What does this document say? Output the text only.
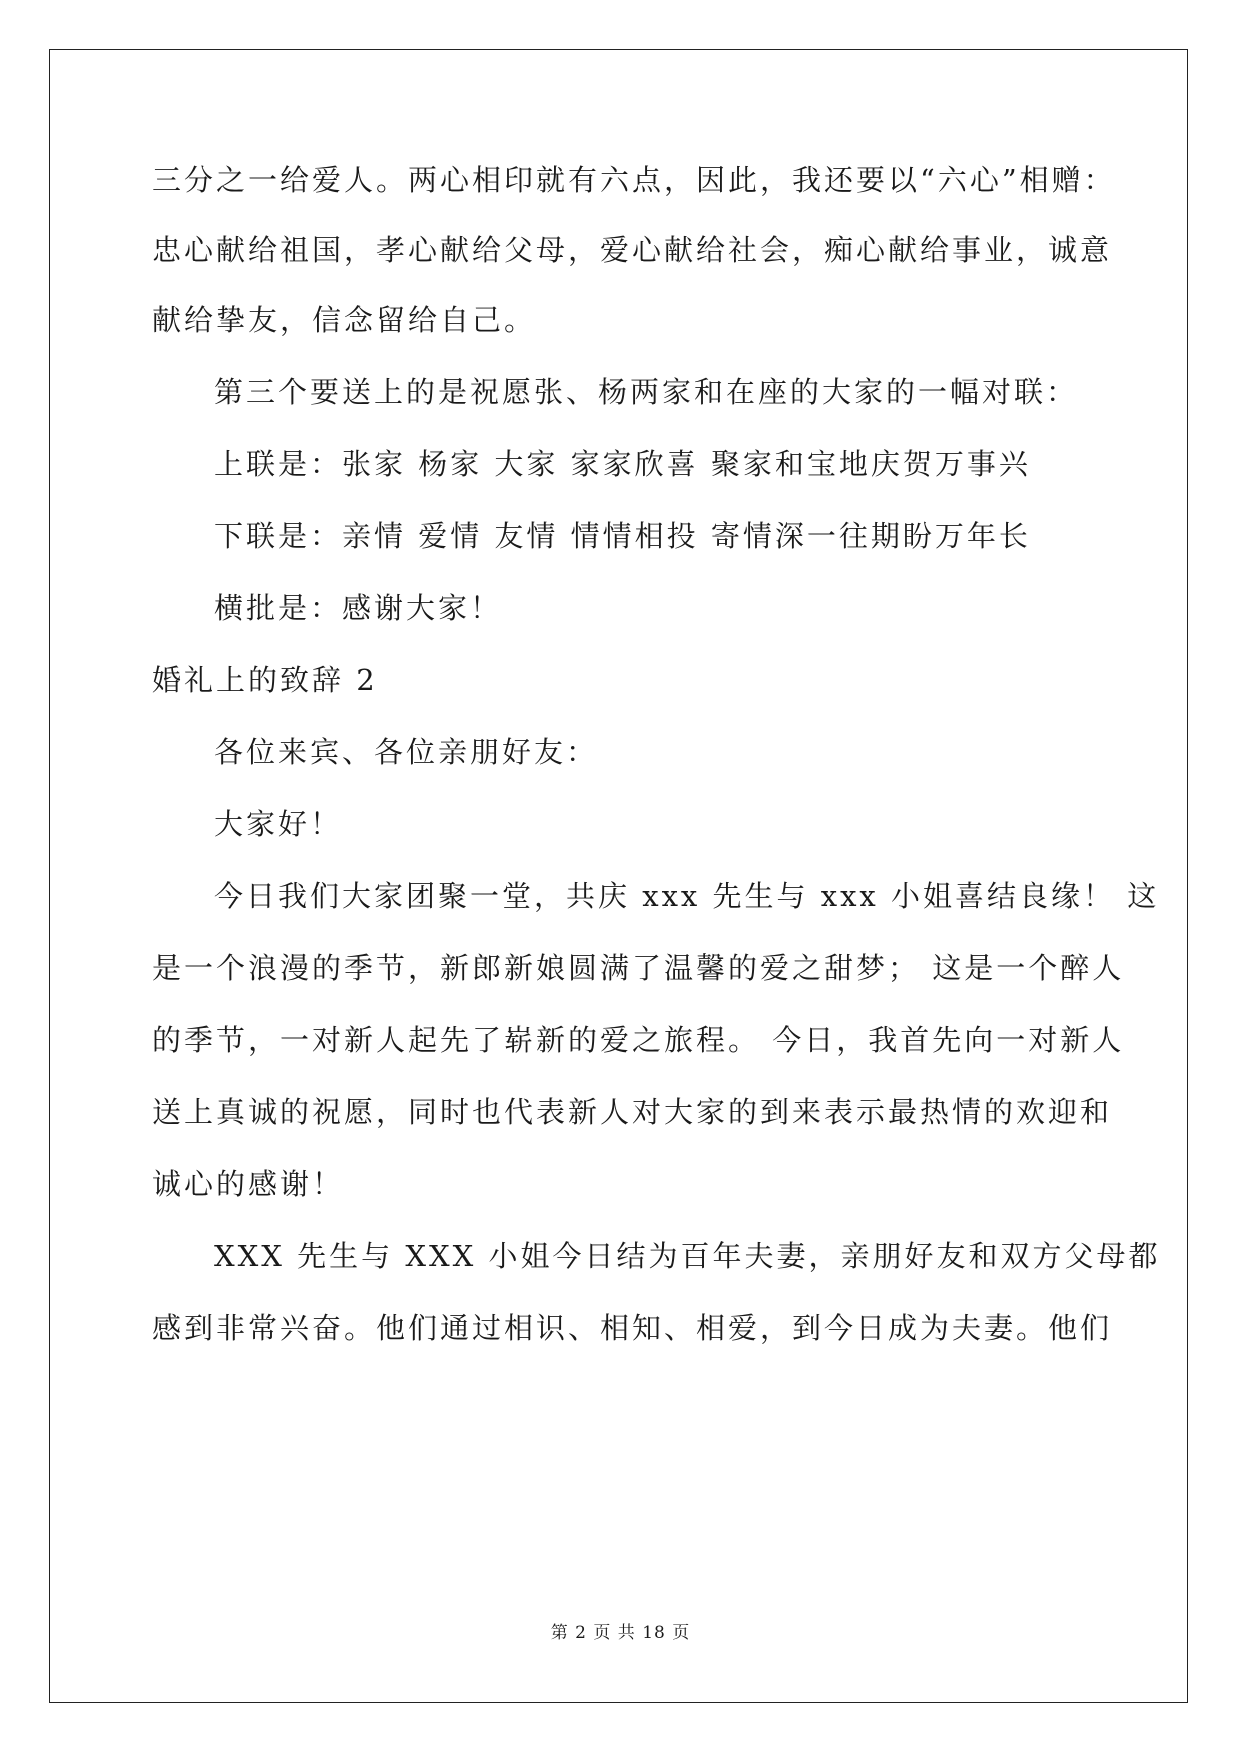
三分之一给爱人。两心相印就有六点，因此，我还要以“六心”相赠：
忠心献给祖国，孝心献给父母，爱心献给社会，痴心献给事业，诚意
献给挚友，信念留给自己。
第三个要送上的是祝愿张、杨两家和在座的大家的一幅对联：
上联是：张家 杨家 大家 家家欣喜 聚家和宝地庆贺万事兴
下联是：亲情 爱情 友情 情情相投 寄情深一往期盼万年长
横批是：感谢大家！
婚礼上的致辞 2
各位来宾、各位亲朋好友：
大家好！
今日我们大家团聚一堂，共庆 xxx 先生与 xxx 小姐喜结良缘！ 这
是一个浪漫的季节，新郎新娘圆满了温馨的爱之甜梦； 这是一个醉人
的季节，一对新人起先了崭新的爱之旅程。 今日，我首先向一对新人
送上真诚的祝愿，同时也代表新人对大家的到来表示最热情的欢迎和
诚心的感谢！
XXX 先生与 XXX 小姐今日结为百年夫妻，亲朋好友和双方父母都
感到非常兴奋。他们通过相识、相知、相爱，到今日成为夫妻。他们
第 2 页 共 18 页
